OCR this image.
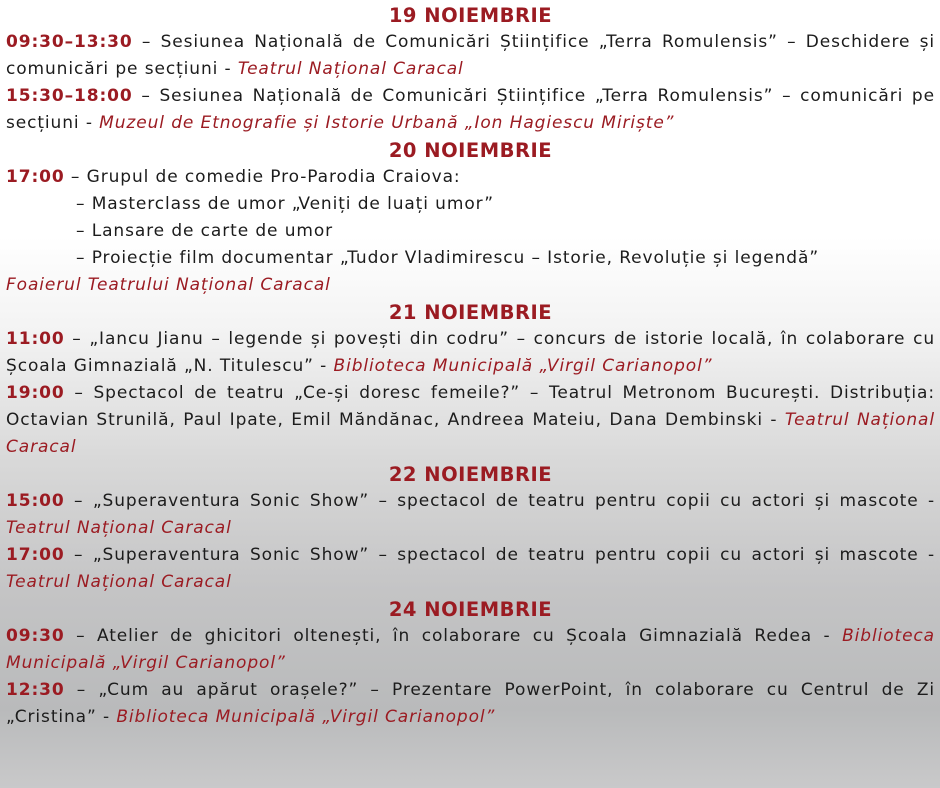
19 NOIEMBRIE

09:30–13:30 – Sesiunea Națională de Comunicări Științifice „Terra Romulensis” – Deschidere și comunicări pe secțiuni - Teatrul Național Caracal

15:30–18:00 – Sesiunea Națională de Comunicări Științifice „Terra Romulensis” – comunicări pe secțiuni - Muzeul de Etnografie și Istorie Urbană „Ion Hagiescu Miriște”

20 NOIEMBRIE

17:00 – Grupul de comedie Pro-Parodia Craiova:

– Masterclass de umor „Veniți de luați umor”
– Lansare de carte de umor
– Proiecție film documentar „Tudor Vladimirescu – Istorie, Revoluție și legendă”

Foaierul Teatrului Național Caracal

21 NOIEMBRIE

11:00 – „Iancu Jianu – legende și povești din codru” – concurs de istorie locală, în colaborare cu Școala Gimnazială „N. Titulescu” - Biblioteca Municipală „Virgil Carianopol”

19:00 – Spectacol de teatru „Ce-și doresc femeile?” – Teatrul Metronom București. Distribuția: Octavian Strunilă, Paul Ipate, Emil Măndănac, Andreea Mateiu, Dana Dembinski - Teatrul Național Caracal

22 NOIEMBRIE

15:00 – „Superaventura Sonic Show” – spectacol de teatru pentru copii cu actori și mascote -Teatrul Național Caracal

17:00 – „Superaventura Sonic Show” – spectacol de teatru pentru copii cu actori și mascote - Teatrul Național Caracal

24 NOIEMBRIE

09:30 – Atelier de ghicitori oltenești, în colaborare cu Școala Gimnazială Redea - Biblioteca Municipală „Virgil Carianopol”

12:30 – „Cum au apărut orașele?” – Prezentare PowerPoint, în colaborare cu Centrul de Zi „Cristina” - Biblioteca Municipală „Virgil Carianopol”
